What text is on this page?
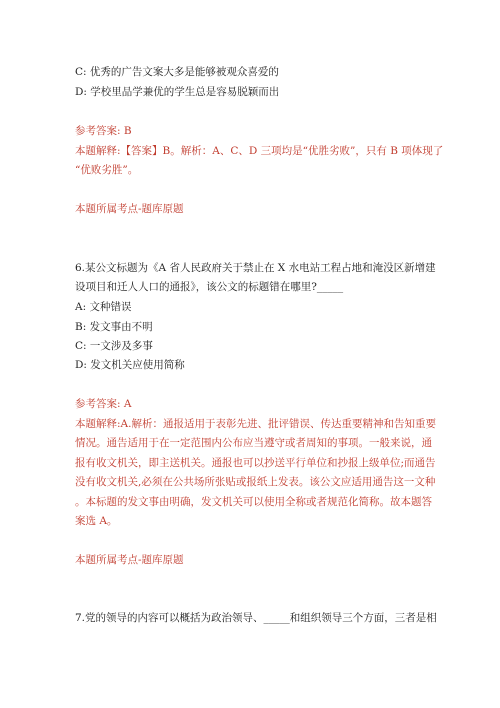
C: 优秀的广告文案大多是能够被观众喜爱的

D: 学校里品学兼优的学生总是容易脱颖而出

参考答案: B

本题解释:【答案】B。解析：A、C、D 三项均是“优胜劣败”，只有 B 项体现了

“优败劣胜”。

本题所属考点-题库原题

6.某公文标题为《A 省人民政府关于禁止在 X 水电站工程占地和淹没区新增建

设项目和迁人人口的通报》，该公文的标题错在哪里?_____

A: 文种错误

B: 发文事由不明

C: 一文涉及多事

D: 发文机关应使用简称

参考答案: A

本题解释:A.解析：通报适用于表彰先进、批评错误、传达重要精神和告知重要

情况。通告适用于在一定范围内公布应当遵守或者周知的事项。一般来说，通

报有收文机关，即主送机关。通报也可以抄送平行单位和抄报上级单位;而通告

没有收文机关,必须在公共场所张贴或报纸上发表。该公文应适用通告这一文种

。本标题的发文事由明确，发文机关可以使用全称或者规范化简称。故本题答

案选 A。

本题所属考点-题库原题

7.党的领导的内容可以概括为政治领导、_____和组织领导三个方面，三者是相
